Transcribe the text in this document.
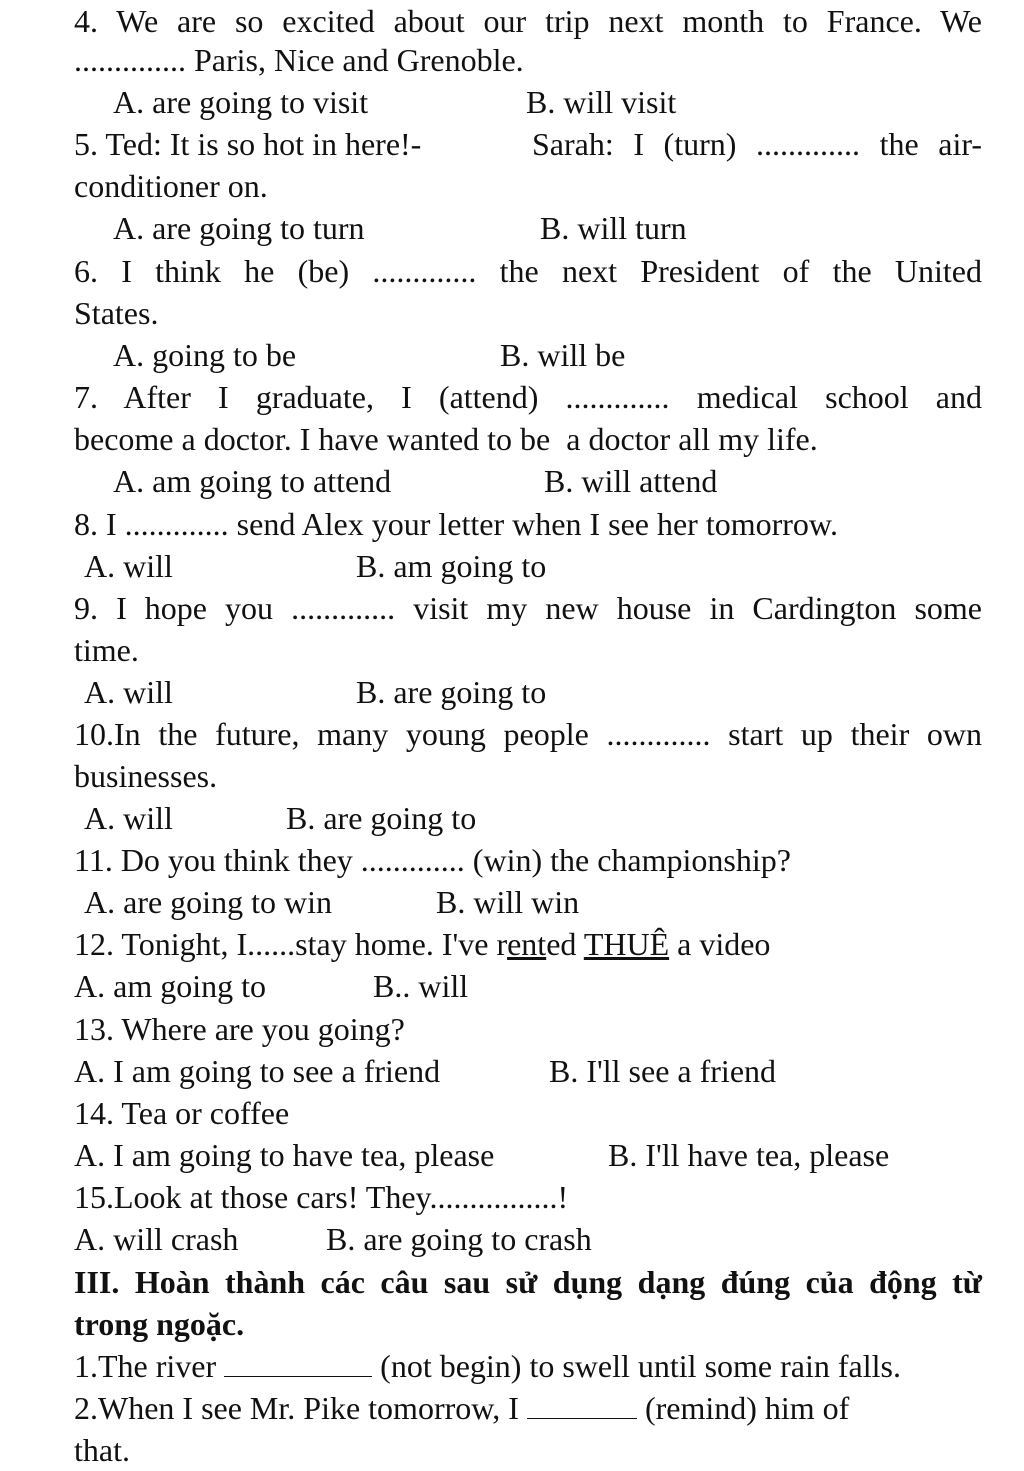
4. We are so excited about our trip next month to France. We
.............. Paris, Nice and Grenoble.
A. are going to visit	B. will visit
5. Ted: It is so hot in here!-	Sarah: I (turn) ............. the air-
conditioner on.
A. are going to turn	B. will turn
6. I think he (be) ............. the next President of the United
States.
A. going to be	B. will be
7. After I graduate, I (attend) ............. medical school and
become a doctor. I have wanted to be  a doctor all my life.
A. am going to attend	B. will attend
8. I ............. send Alex your letter when I see her tomorrow.
A. will	B. am going to
9. I hope you ............. visit my new house in Cardington some
time.
A. will	B. are going to
10.In the future, many young people ............. start up their own
businesses.
A. will	B. are going to
11. Do you think they ............. (win) the championship?
A. are going to win	B. will win
12. Tonight, I......stay home. I've rented THUÊ a video
A. am going to	B.. will
13. Where are you going?
A. I am going to see a friend	B. I'll see a friend
14. Tea or coffee
A. I am going to have tea, please	B. I'll have tea, please
15.Look at those cars! They................!
A. will crash	B. are going to crash
III. Hoàn thành các câu sau sử dụng dạng đúng của động từ
trong ngoặc.
1.The river	(not begin) to swell until some rain falls.
2.When I see Mr. Pike tomorrow, I	(remind) him of
that.
